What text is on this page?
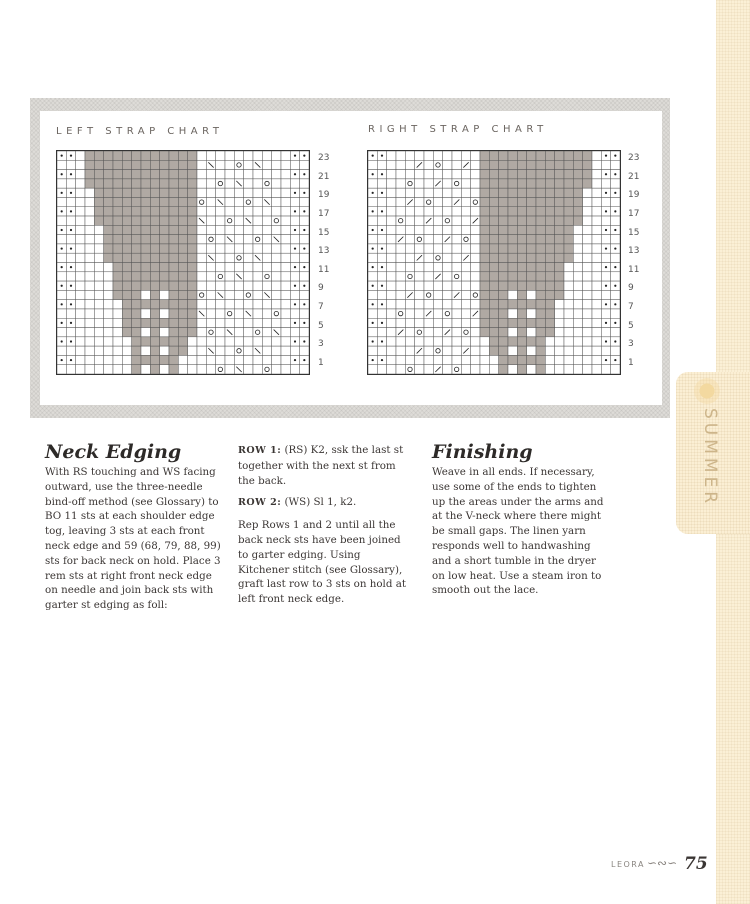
SUMMER
LEFT STRAP CHART	RIGHT STRAP CHART
23
21
19
17
15
13
11
9
7
5
3
1
23
21
19
17
15
13
11
9
7
5
3
1
Neck Edging

With RS touching and WS facing outward, use the three-needle bind-off method (see Glossary) to BO 11 sts at each shoulder edge tog, leaving 3 sts at each front neck edge and 59 (68, 79, 88, 99) sts for back neck on hold. Place 3 rem sts at right front neck edge on needle and join back sts with garter st edging as foll:

ROW 1: (RS) K2, ssk the last st together with the next st from the back.

ROW 2: (WS) Sl 1, k2.

Rep Rows 1 and 2 until all the back neck sts have been joined to garter edging. Using Kitchener stitch (see Glossary), graft last row to 3 sts on hold at left front neck edge.

Finishing

Weave in all ends. If necessary, use some of the ends to tighten up the areas under the arms and at the V-neck where there might be small gaps. The linen yarn responds well to handwashing and a short tumble in the dryer on low heat. Use a steam iron to smooth out the lace.

LEORA ∽∾∽ 75
